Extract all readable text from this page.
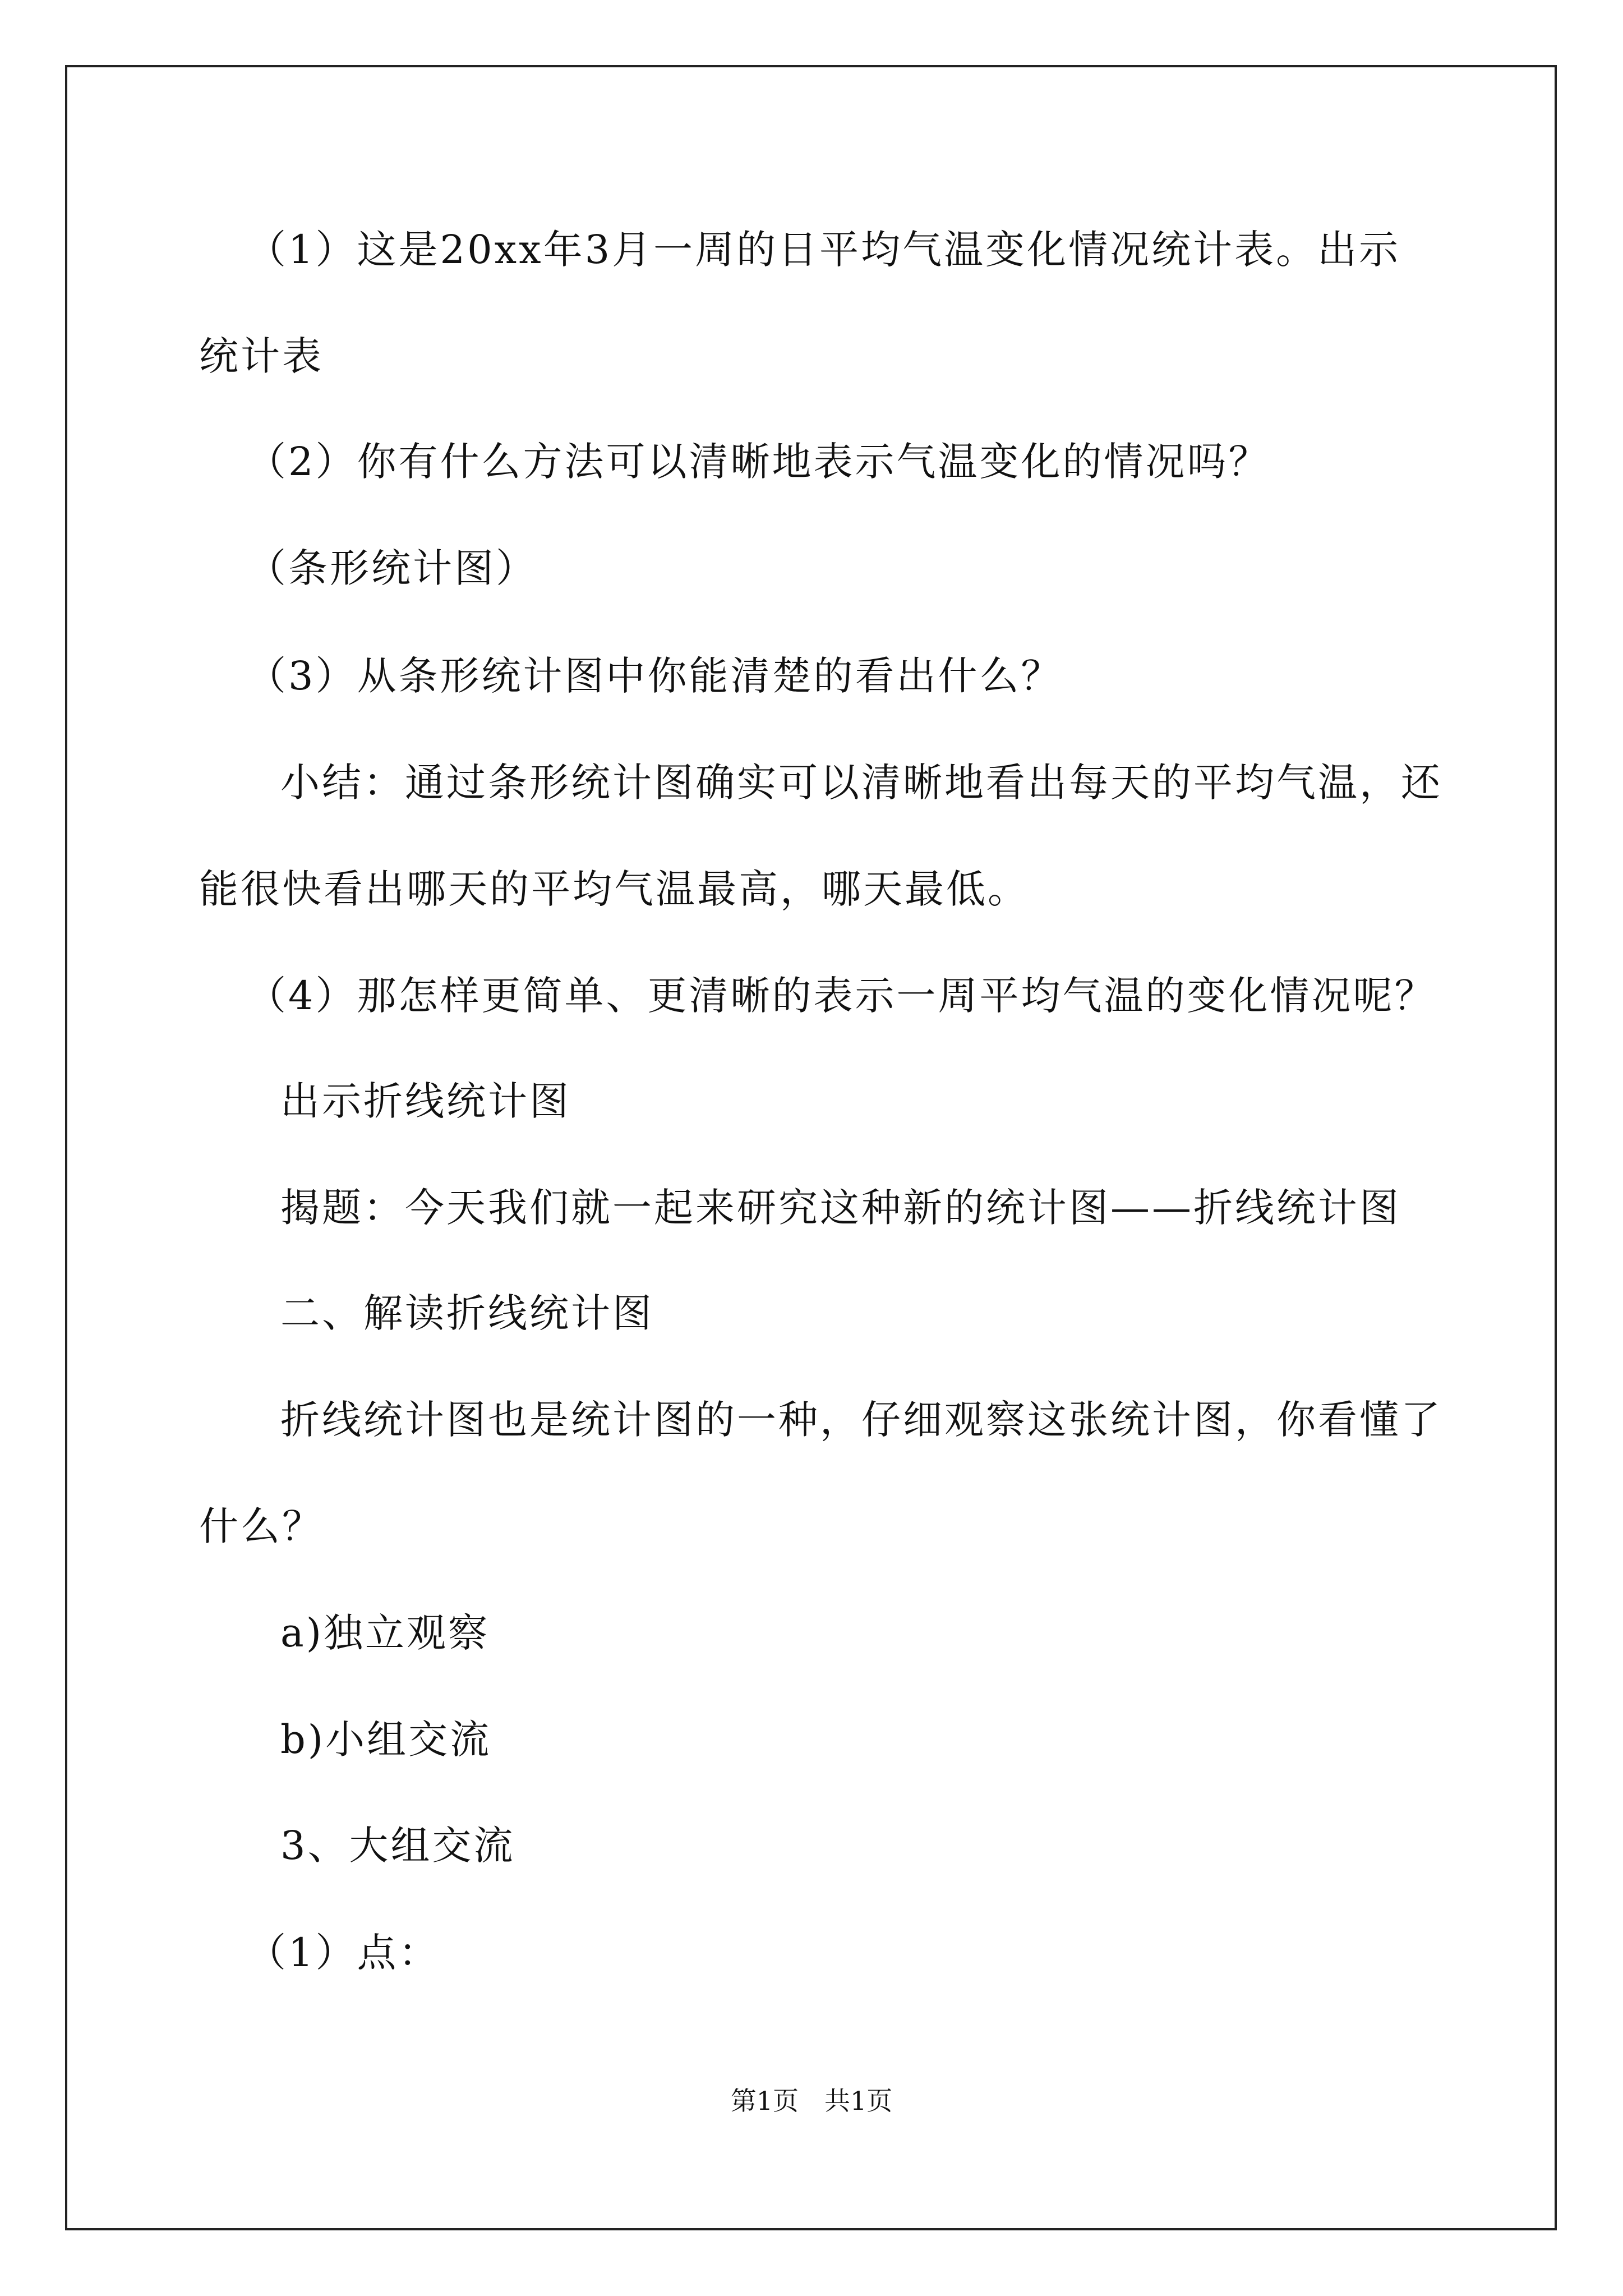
（1）这是20xx年3月一周的日平均气温变化情况统计表。出示
统计表
（2）你有什么方法可以清晰地表示气温变化的情况吗？
（条形统计图）
（3）从条形统计图中你能清楚的看出什么？
小结：通过条形统计图确实可以清晰地看出每天的平均气温，还
能很快看出哪天的平均气温最高，哪天最低。
（4）那怎样更简单、更清晰的表示一周平均气温的变化情况呢？
出示折线统计图
揭题：今天我们就一起来研究这种新的统计图——折线统计图
二、解读折线统计图
折线统计图也是统计图的一种，仔细观察这张统计图，你看懂了
什么？
a)独立观察
b)小组交流
3、大组交流
（1）点：
第1页　共1页
